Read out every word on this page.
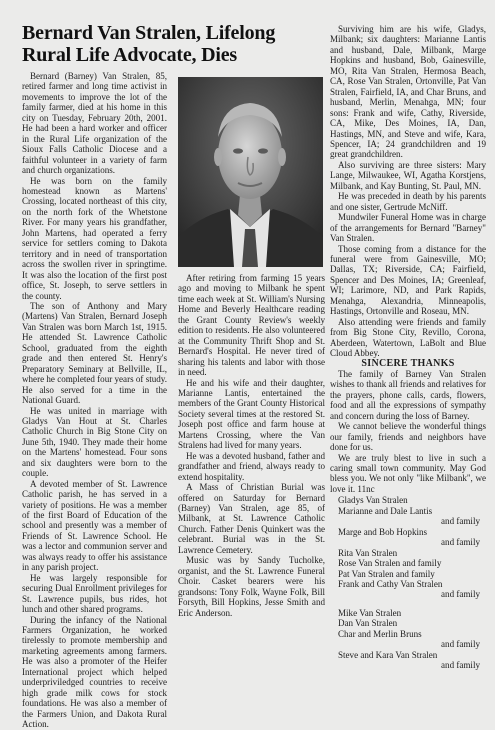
Bernard Van Stralen, Lifelong Rural Life Advocate, Dies

Bernard (Barney) Van Stralen, 85, retired farmer and long time activist in movements to improve the lot of the family farmer, died at his home in this city on Tuesday, February 20th, 2001. He had been a hard worker and officer in the Rural Life organization of the Sioux Falls Catholic Diocese and a faithful volunteer in a variety of farm and church organizations.

He was born on the family homestead known as Martens' Crossing, located northeast of this city, on the north fork of the Whetstone River. For many years his grandfather, John Martens, had operated a ferry service for settlers coming to Dakota territory and in need of transportation across the swollen river in springtime. It was also the location of the first post office, St. Joseph, to serve settlers in the county.

The son of Anthony and Mary (Martens) Van Stralen, Bernard Joseph Van Stralen was born March 1st, 1915. He attended St. Lawrence Catholic School, graduated from the eighth grade and then entered St. Henry's Preparatory Seminary at Bellville, IL, where he completed four years of study. He also served for a time in the National Guard.

He was united in marriage with Gladys Van Hout at St. Charles Catholic Church in Big Stone City on June 5th, 1940. They made their home on the Martens' homestead. Four sons and six daughters were born to the couple.

A devoted member of St. Lawrence Catholic parish, he has served in a variety of positions. He was a member of the first Board of Education of the school and presently was a member of Friends of St. Lawrence School. He was a lector and communion server and was always ready to offer his assistance in any parish project.

He was largely responsible for securing Dual Enrollment privileges for St. Lawrence pupils, bus rides, hot lunch and other shared programs.

During the infancy of the National Farmers Organization, he worked tirelessly to promote membership and marketing agreements among farmers. He was also a promoter of the Heifer International project which helped underpriviledged countries to receive high grade milk cows for stock foundations. He was also a member of the Farmers Union, and Dakota Rural Action.

After retiring from farming 15 years ago and moving to Milbank he spent time each week at St. William's Nursing Home and Beverly Healthcare reading the Grant County Review's weekly edition to residents. He also volunteered at the Community Thrift Shop and St. Bernard's Hospital. He never tired of sharing his talents and labor with those in need.

He and his wife and their daughter, Marianne Lantis, entertained the members of the Grant County Historical Society several times at the restored St. Joseph post office and farm house at Martens Crossing, where the Van Stralens had lived for many years.

He was a devoted husband, father and grandfather and friend, always ready to extend hospitality.

A Mass of Christian Burial was offered on Saturday for Bernard (Barney) Van Stralen, age 85, of Milbank, at St. Lawrence Catholic Church. Father Denis Quinkert was the celebrant. Burial was in the St. Lawrence Cemetery.

Music was by Sandy Tucholke, organist, and the St. Lawrence Funeral Choir. Casket bearers were his grandsons: Tony Folk, Wayne Folk, Bill Forsyth, Bill Hopkins, Jesse Smith and Eric Anderson.

Surviving him are his wife, Gladys, Milbank; six daughters: Marianne Lantis and husband, Dale, Milbank, Marge Hopkins and husband, Bob, Gainesville, MO, Rita Van Stralen, Hermosa Beach, CA, Rose Van Stralen, Ortonville, Pat Van Stralen, Fairfield, IA, and Char Bruns, and husband, Merlin, Menahga, MN; four sons: Frank and wife, Cathy, Riverside, CA, Mike, Des Moines, IA, Dan, Hastings, MN, and Steve and wife, Kara, Spencer, IA; 24 grandchildren and 19 great grandchildren.

Also surviving are three sisters: Mary Lange, Milwaukee, WI, Agatha Korstjens, Milbank, and Kay Bunting, St. Paul, MN.

He was preceded in death by his parents and one sister, Gertrude McNiff.

Mundwiler Funeral Home was in charge of the arrangements for Bernard "Barney" Van Stralen.

Those coming from a distance for the funeral were from Gainesville, MO; Dallas, TX; Riverside, CA; Fairfield, Spencer and Des Moines, IA; Greenleaf, WI; Larimore, ND, and Park Rapids, Menahga, Alexandria, Minneapolis, Hastings, Ortonville and Roseau, MN.

Also attending were friends and family from Big Stone City, Revillo, Corona, Aberdeen, Watertown, LaBolt and Blue Cloud Abbey.

SINCERE THANKS

The family of Barney Van Stralen wishes to thank all friends and relatives for the prayers, phone calls, cards, flowers, food and all the expressions of sympathy and concern during the loss of Barney.

We cannot believe the wonderful things our family, friends and neighbors have done for us.

We are truly blest to live in such a caring small town community. May God bless you. We not only "like Milbank", we love it. 11nc

Gladys Van Stralen
Marianne and Dale Lantis
and family
Marge and Bob Hopkins
and family
Rita Van Stralen
Rose Van Stralen and family
Pat Van Stralen and family
Frank and Cathy Van Stralen
and family
Mike Van Stralen
Dan Van Stralen
Char and Merlin Bruns
and family
Steve and Kara Van Stralen
and family
